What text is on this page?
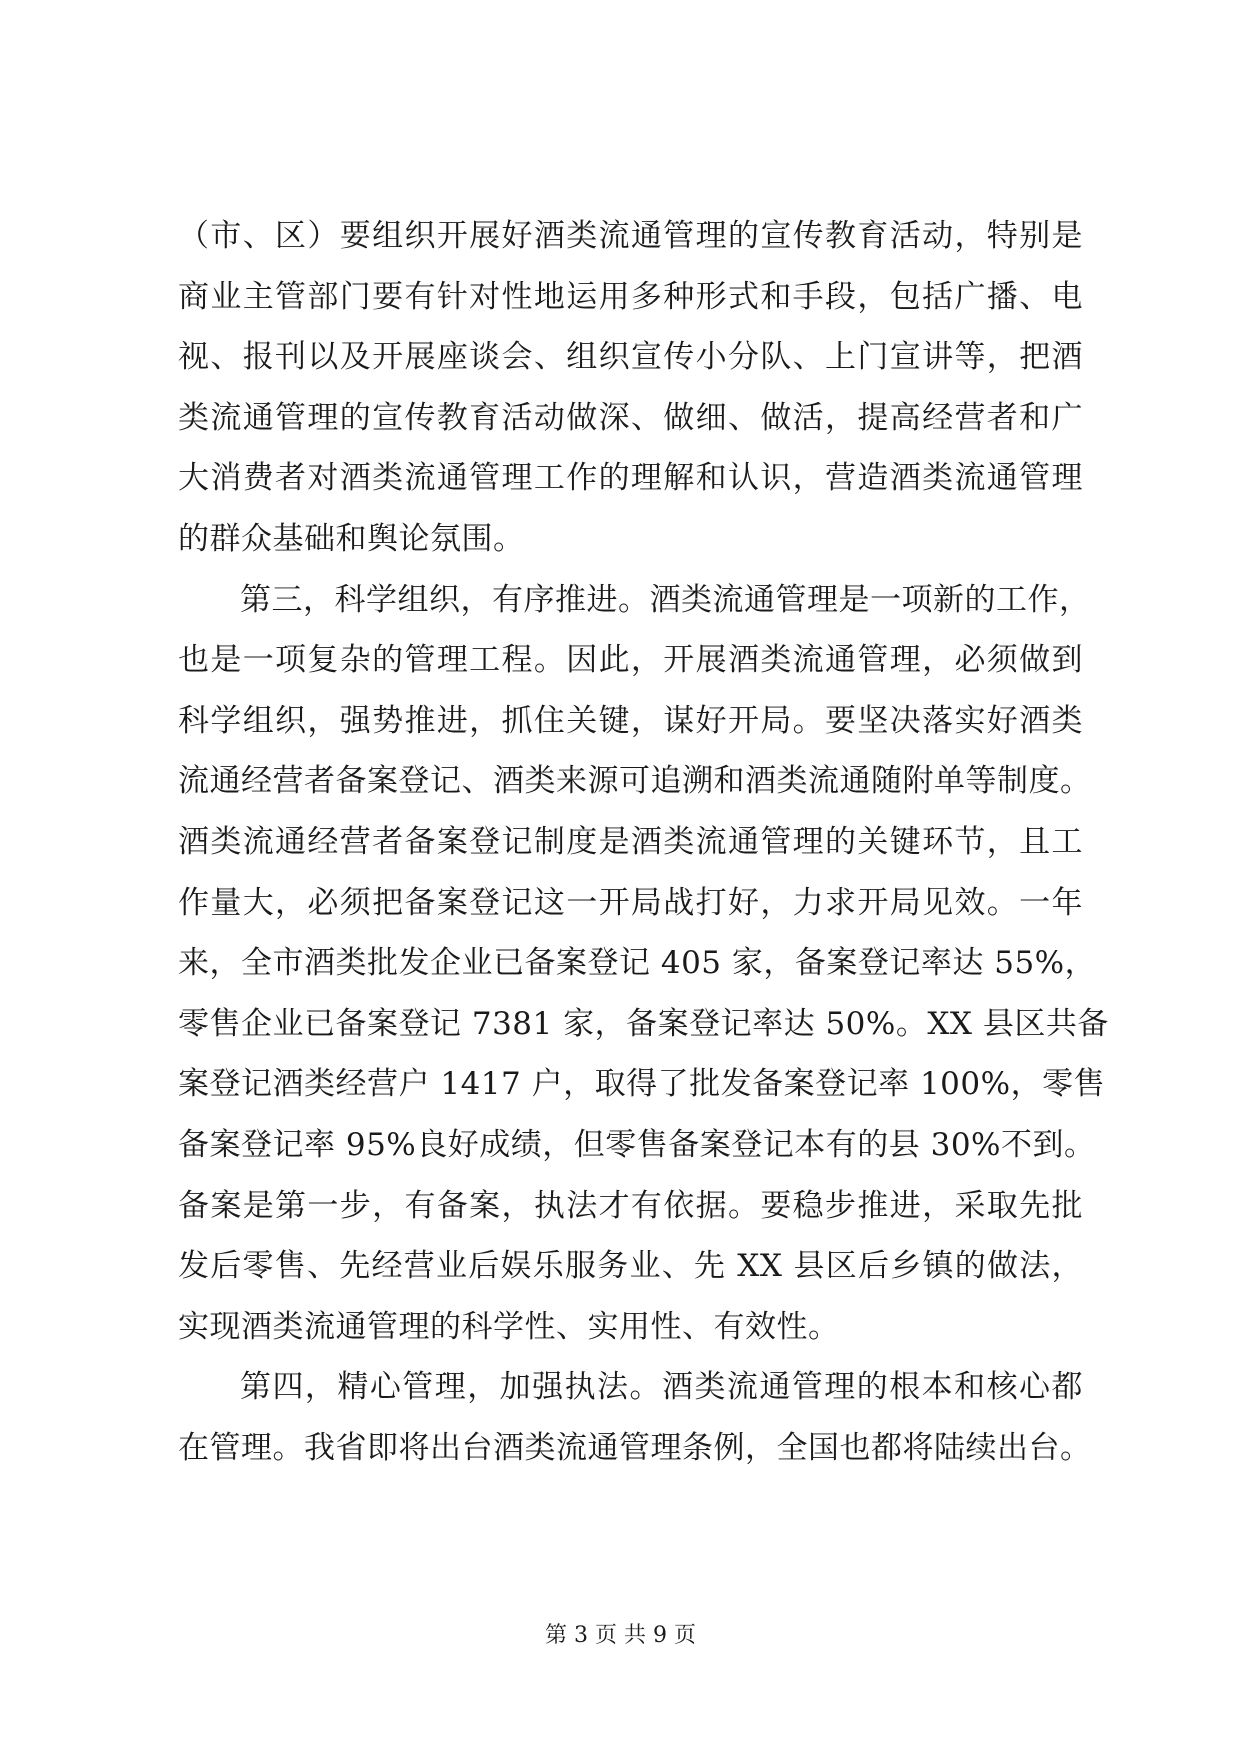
（市、区）要组织开展好酒类流通管理的宣传教育活动，特别是
商业主管部门要有针对性地运用多种形式和手段，包括广播、电
视、报刊以及开展座谈会、组织宣传小分队、上门宣讲等，把酒
类流通管理的宣传教育活动做深、做细、做活，提高经营者和广
大消费者对酒类流通管理工作的理解和认识，营造酒类流通管理
的群众基础和舆论氛围。
第三，科学组织，有序推进。酒类流通管理是一项新的工作，
也是一项复杂的管理工程。因此，开展酒类流通管理，必须做到
科学组织，强势推进，抓住关键，谋好开局。要坚决落实好酒类
流通经营者备案登记、酒类来源可追溯和酒类流通随附单等制度。
酒类流通经营者备案登记制度是酒类流通管理的关键环节，且工
作量大，必须把备案登记这一开局战打好，力求开局见效。一年
来，全市酒类批发企业已备案登记 405 家，备案登记率达 55%，
零售企业已备案登记 7381 家，备案登记率达 50%。XX 县区共备
案登记酒类经营户 1417 户，取得了批发备案登记率 100%，零售
备案登记率 95%良好成绩，但零售备案登记本有的县 30%不到。
备案是第一步，有备案，执法才有依据。要稳步推进，采取先批
发后零售、先经营业后娱乐服务业、先 XX 县区后乡镇的做法，
实现酒类流通管理的科学性、实用性、有效性。
第四，精心管理，加强执法。酒类流通管理的根本和核心都
在管理。我省即将出台酒类流通管理条例，全国也都将陆续出台。
第 3 页 共 9 页
